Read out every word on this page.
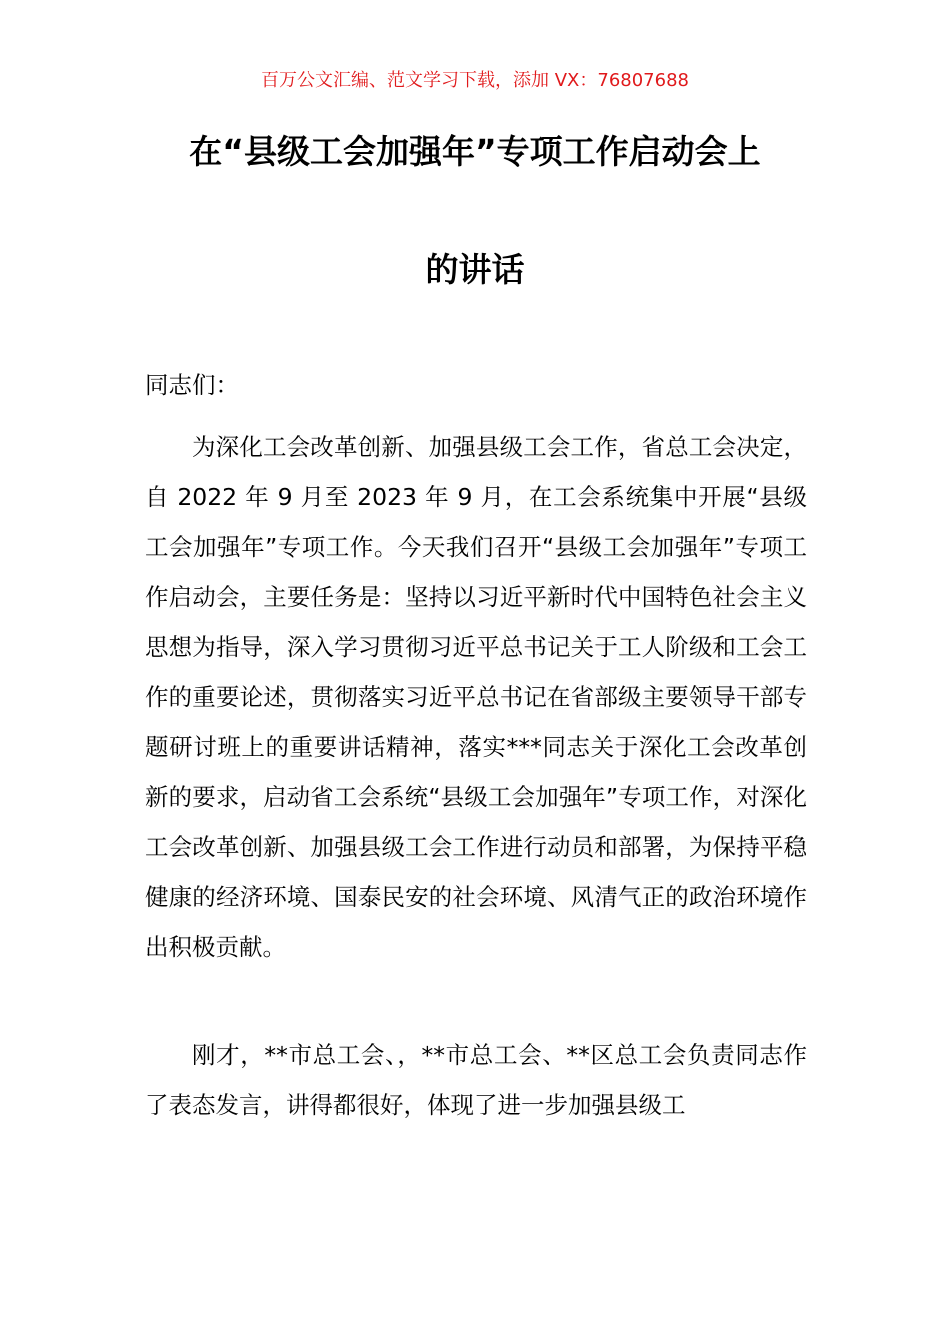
百万公文汇编、范文学习下载，添加 VX：76807688
在“县级工会加强年”专项工作启动会上
的讲话
同志们：
为深化工会改革创新、加强县级工会工作，省总工会决定，自 2022 年 9 月至 2023 年 9 月，在工会系统集中开展“县级工会加强年”专项工作。今天我们召开“县级工会加强年”专项工作启动会，主要任务是：坚持以习近平新时代中国特色社会主义思想为指导，深入学习贯彻习近平总书记关于工人阶级和工会工作的重要论述，贯彻落实习近平总书记在省部级主要领导干部专题研讨班上的重要讲话精神，落实***同志关于深化工会改革创新的要求，启动省工会系统“县级工会加强年”专项工作，对深化工会改革创新、加强县级工会工作进行动员和部署，为保持平稳健康的经济环境、国泰民安的社会环境、风清气正的政治环境作出积极贡献。
刚才，**市总工会、，**市总工会、**区总工会负责同志作了表态发言，讲得都很好，体现了进一步加强县级工
